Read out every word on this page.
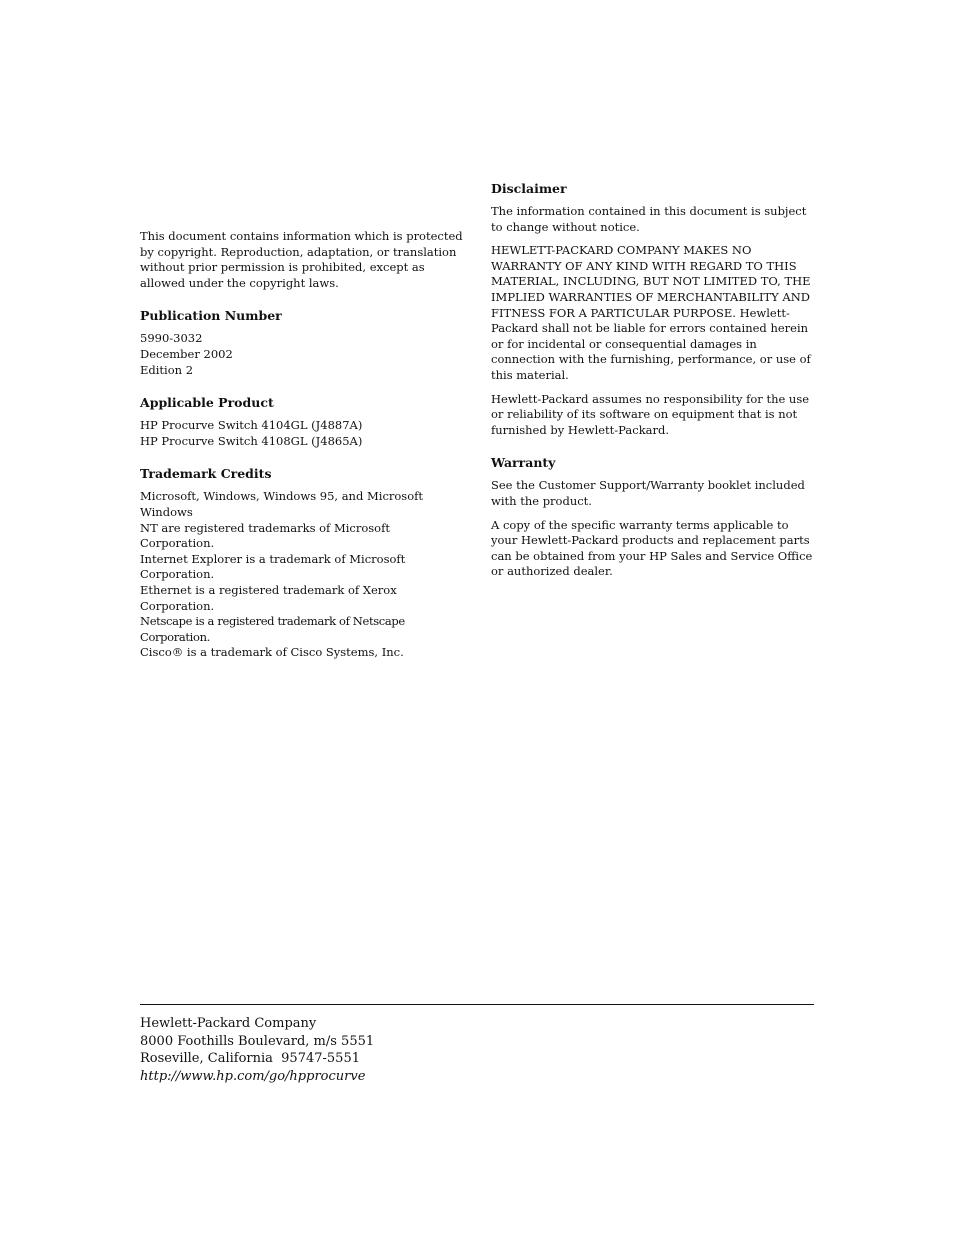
This document contains information which is protected by copyright. Reproduction, adaptation, or translation without prior permission is prohibited, except as allowed under the copyright laws.

Publication Number
5990-3032
December 2002
Edition 2
Applicable Product
HP Procurve Switch 4104GL (J4887A)
HP Procurve Switch 4108GL (J4865A)
Trademark Credits
Microsoft, Windows, Windows 95, and Microsoft Windows
NT are registered trademarks of Microsoft Corporation.
Internet Explorer is a trademark of Microsoft Corporation.
Ethernet is a registered trademark of Xerox Corporation.
Netscape is a registered trademark of Netscape Corporation.
Cisco® is a trademark of Cisco Systems, Inc.
Disclaimer

The information contained in this document is subject to change without notice.

HEWLETT-PACKARD COMPANY MAKES NO WARRANTY OF ANY KIND WITH REGARD TO THIS MATERIAL, INCLUDING, BUT NOT LIMITED TO, THE IMPLIED WARRANTIES OF MERCHANTABILITY AND FITNESS FOR A PARTICULAR PURPOSE. Hewlett-Packard shall not be liable for errors contained herein or for incidental or consequential damages in connection with the furnishing, performance, or use of this material.

Hewlett-Packard assumes no responsibility for the use or reliability of its software on equipment that is not furnished by Hewlett-Packard.

Warranty

See the Customer Support/Warranty booklet included with the product.

A copy of the specific warranty terms applicable to your Hewlett-Packard products and replacement parts can be obtained from your HP Sales and Service Office or authorized dealer.

Hewlett-Packard Company
8000 Foothills Boulevard, m/s 5551
Roseville, California  95747-5551
http://www.hp.com/go/hpprocurve
